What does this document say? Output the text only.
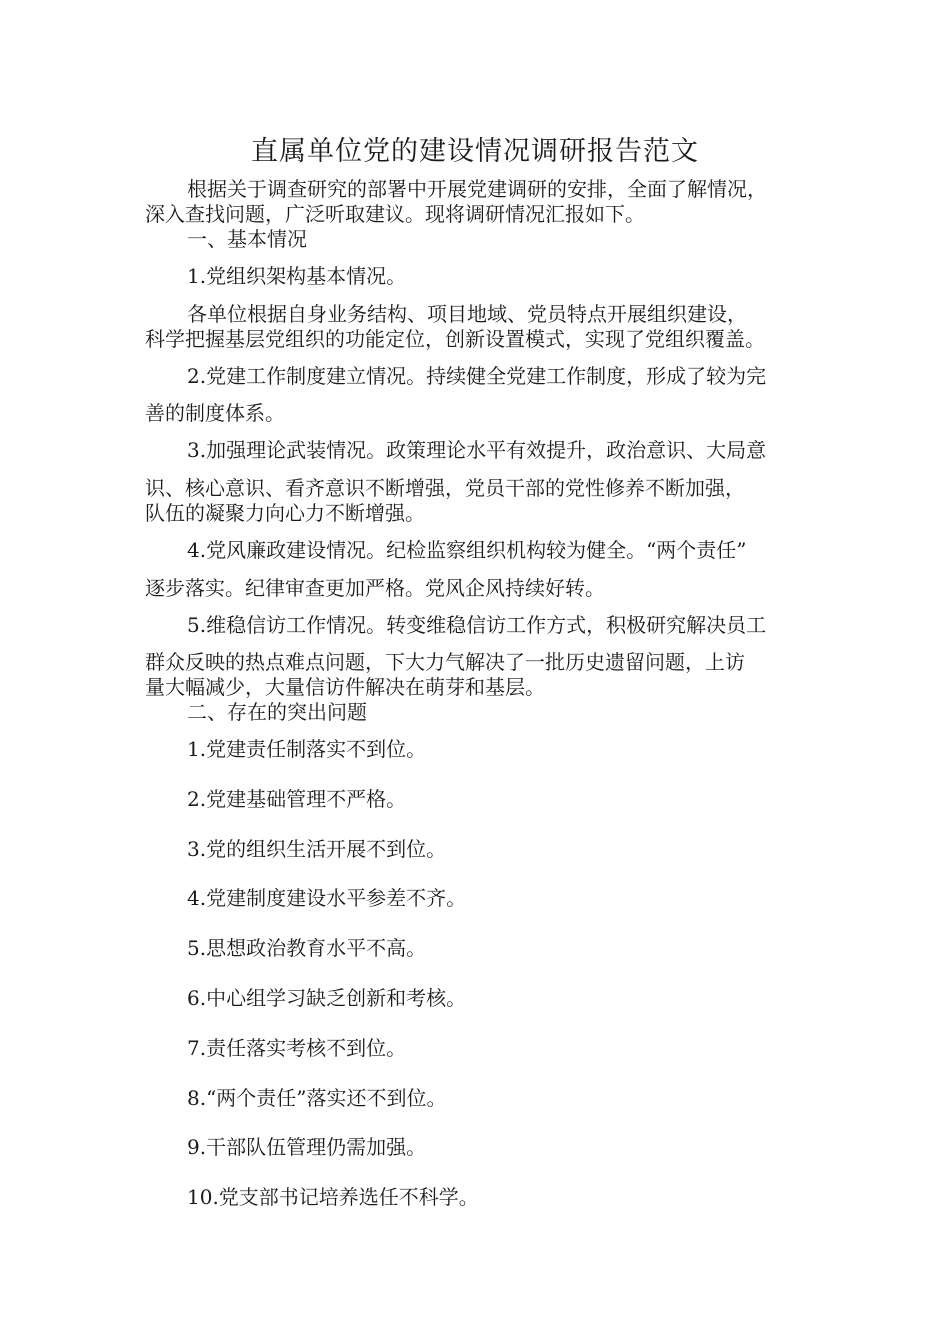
直属单位党的建设情况调研报告范文
根据关于调查研究的部署中开展党建调研的安排，全面了解情况，
深入查找问题，广泛听取建议。现将调研情况汇报如下。
一、基本情况
1.党组织架构基本情况。
各单位根据自身业务结构、项目地域、党员特点开展组织建设，
科学把握基层党组织的功能定位，创新设置模式，实现了党组织覆盖。
2.党建工作制度建立情况。持续健全党建工作制度，形成了较为完
善的制度体系。
3.加强理论武装情况。政策理论水平有效提升，政治意识、大局意
识、核心意识、看齐意识不断增强，党员干部的党性修养不断加强，
队伍的凝聚力向心力不断增强。
4.党风廉政建设情况。纪检监察组织机构较为健全。“两个责任”
逐步落实。纪律审查更加严格。党风企风持续好转。
5.维稳信访工作情况。转变维稳信访工作方式，积极研究解决员工
群众反映的热点难点问题，下大力气解决了一批历史遗留问题，上访
量大幅减少，大量信访件解决在萌芽和基层。
二、存在的突出问题
1.党建责任制落实不到位。
2.党建基础管理不严格。
3.党的组织生活开展不到位。
4.党建制度建设水平参差不齐。
5.思想政治教育水平不高。
6.中心组学习缺乏创新和考核。
7.责任落实考核不到位。
8.“两个责任”落实还不到位。
9.干部队伍管理仍需加强。
10.党支部书记培养选任不科学。
